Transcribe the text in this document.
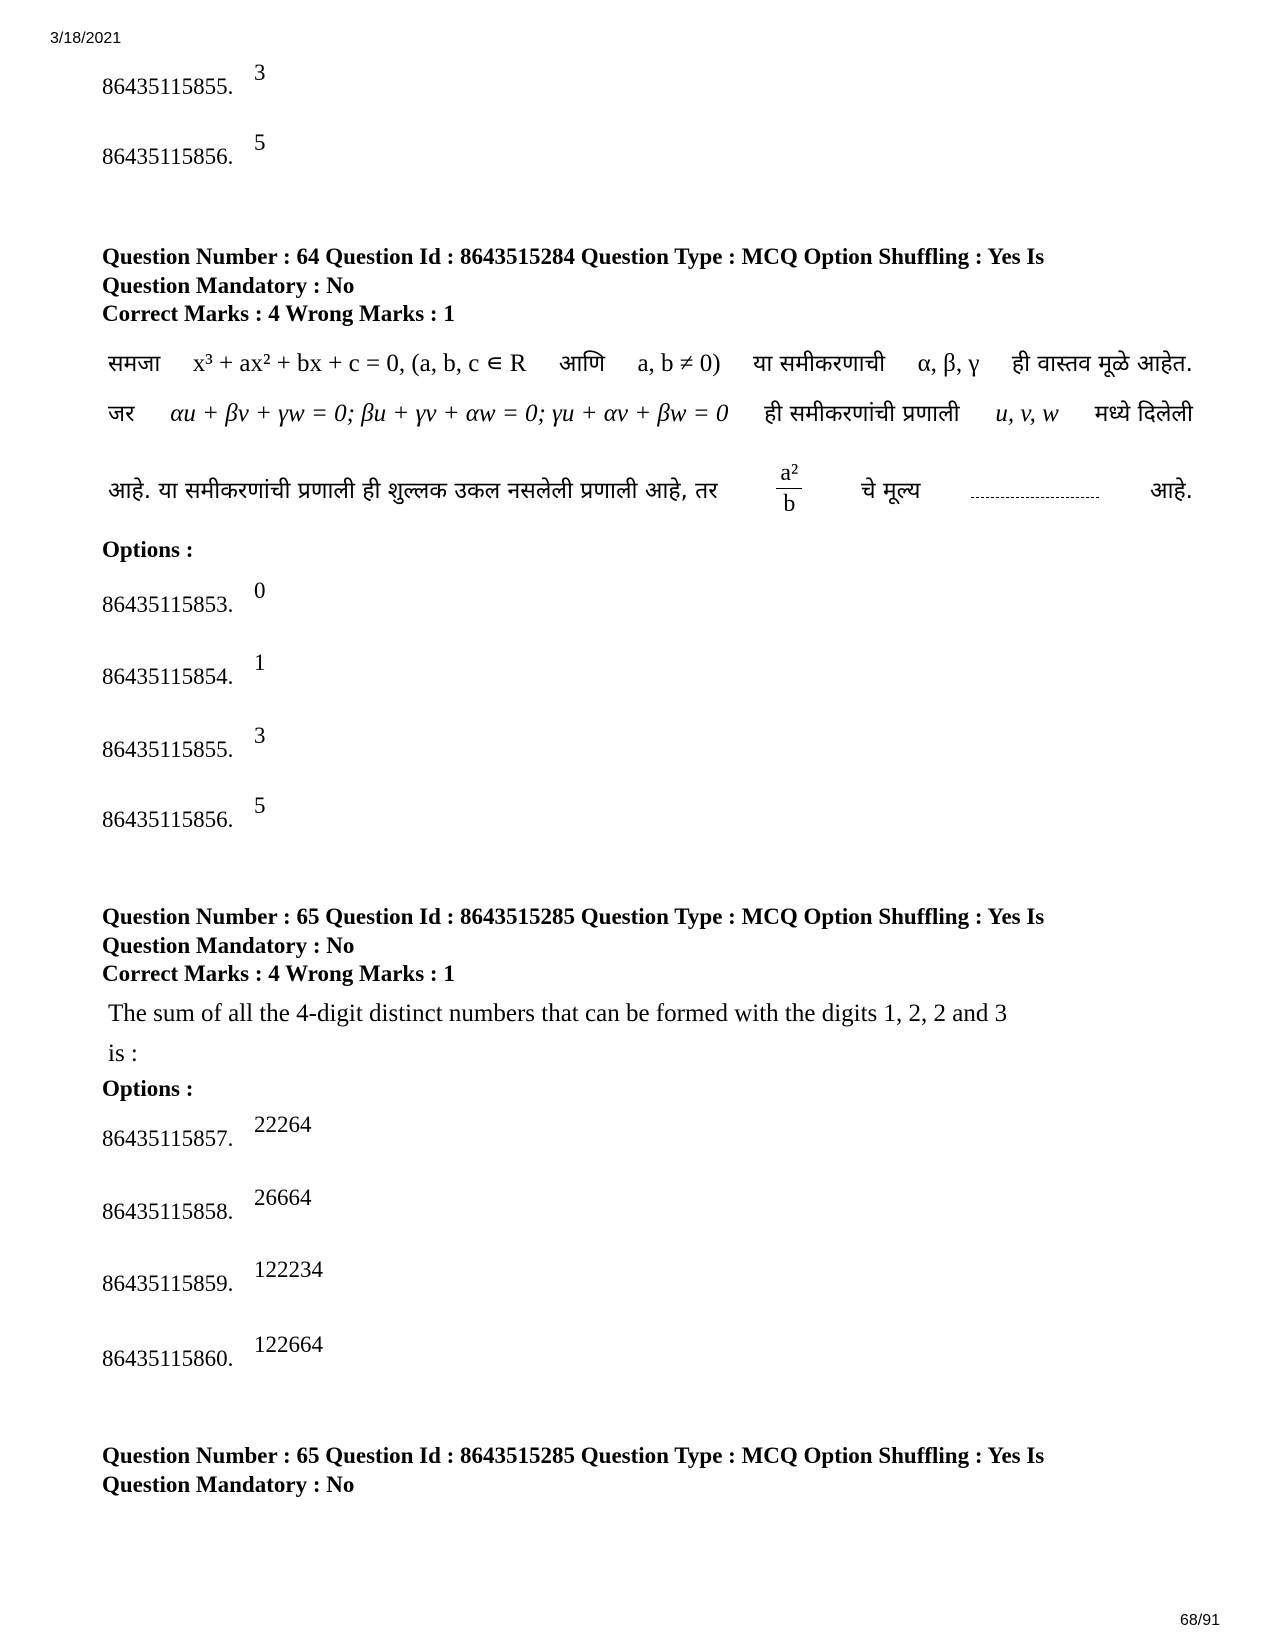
3/18/2021
86435115855.
3
86435115856.
5
Question Number : 64 Question Id : 8643515284 Question Type : MCQ Option Shuffling : Yes Is
Question Mandatory : No
Correct Marks : 4 Wrong Marks : 1
समजा x³ + ax² + bx + c = 0, (a, b, c ∊ R आणि a, b ≠ 0) या समीकरणाची α, β, γ ही वास्तव मूळे आहेत.
जर αu + βv + γw = 0; βu + γv + αw = 0; γu + αv + βw = 0 ही समीकरणांची प्रणाली u, v, w मध्ये दिलेली
आहे. या समीकरणांची प्रणाली ही शुल्लक उकल नसलेली प्रणाली आहे, तर $\frac{\text{a²}}{b}$	चे मूल्य	आहे.
Options :
86435115853.
0
86435115854.
1
86435115855.
3
86435115856.
5
Question Number : 65 Question Id : 8643515285 Question Type : MCQ Option Shuffling : Yes Is
Question Mandatory : No
Correct Marks : 4 Wrong Marks : 1
The sum of all the 4-digit distinct numbers that can be formed with the digits 1, 2, 2 and 3
is :
Options :
86435115857.
22264
86435115858.
26664
86435115859.
122234
86435115860.
122664
Question Number : 65 Question Id : 8643515285 Question Type : MCQ Option Shuffling : Yes Is
Question Mandatory : No
68/91
